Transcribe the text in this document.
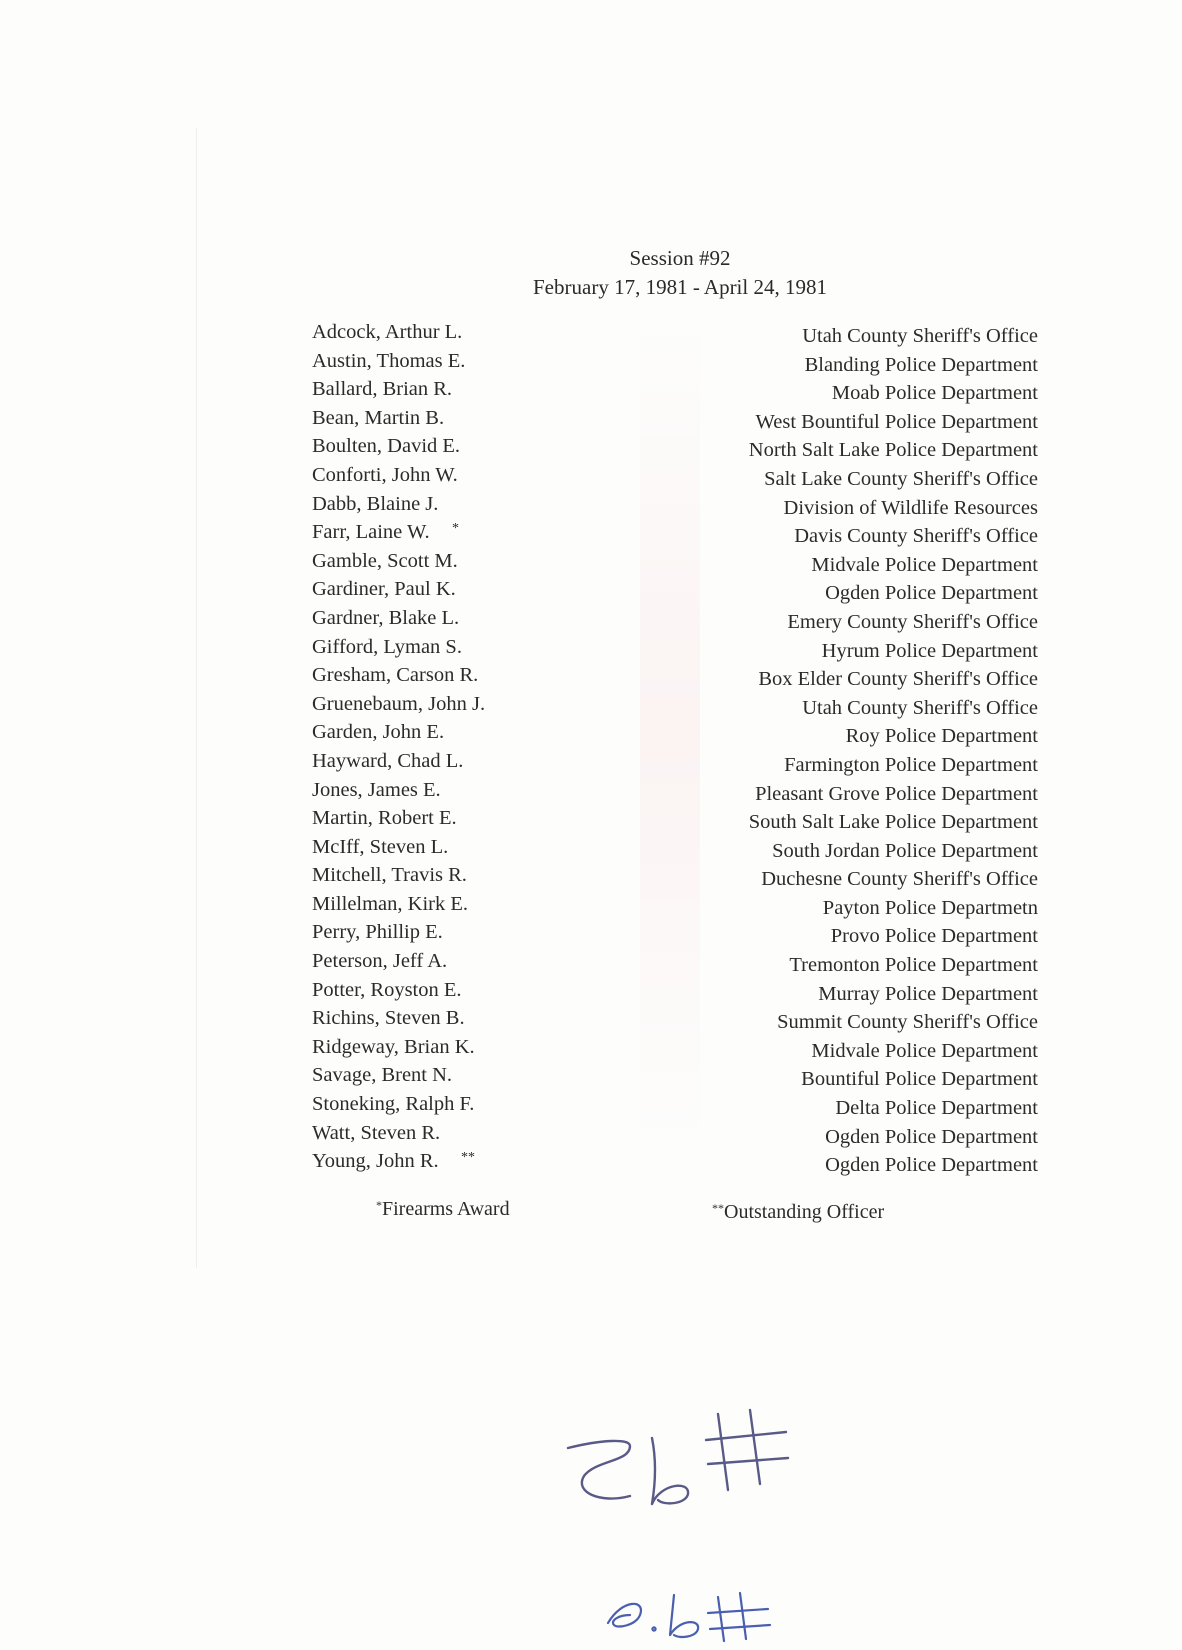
Session #92
February 17, 1981 - April 24, 1981
Adcock, Arthur L.	Utah County Sheriff's Office
Austin, Thomas E.	Blanding Police Department
Ballard, Brian R.	Moab Police Department
Bean, Martin B.	West Bountiful Police Department
Boulten, David E.	North Salt Lake Police Department
Conforti, John W.	Salt Lake County Sheriff's Office
Dabb, Blaine J.	Division of Wildlife Resources
Farr, Laine W. *	Davis County Sheriff's Office
Gamble, Scott M.	Midvale Police Department
Gardiner, Paul K.	Ogden Police Department
Gardner, Blake L.	Emery County Sheriff's Office
Gifford, Lyman S.	Hyrum Police Department
Gresham, Carson R.	Box Elder County Sheriff's Office
Gruenebaum, John J.	Utah County Sheriff's Office
Garden, John E.	Roy Police Department
Hayward, Chad L.	Farmington Police Department
Jones, James E.	Pleasant Grove Police Department
Martin, Robert E.	South Salt Lake Police Department
McIff, Steven L.	South Jordan Police Department
Mitchell, Travis R.	Duchesne County Sheriff's Office
Millelman, Kirk E.	Payton Police Departmetn
Perry, Phillip E.	Provo Police Department
Peterson, Jeff A.	Tremonton Police Department
Potter, Royston E.	Murray Police Department
Richins, Steven B.	Summit County Sheriff's Office
Ridgeway, Brian K.	Midvale Police Department
Savage, Brent N.	Bountiful Police Department
Stoneking, Ralph F.	Delta Police Department
Watt, Steven R.	Ogden Police Department
Young, John R. **	Ogden Police Department
*Firearms Award	**Outstanding Officer
